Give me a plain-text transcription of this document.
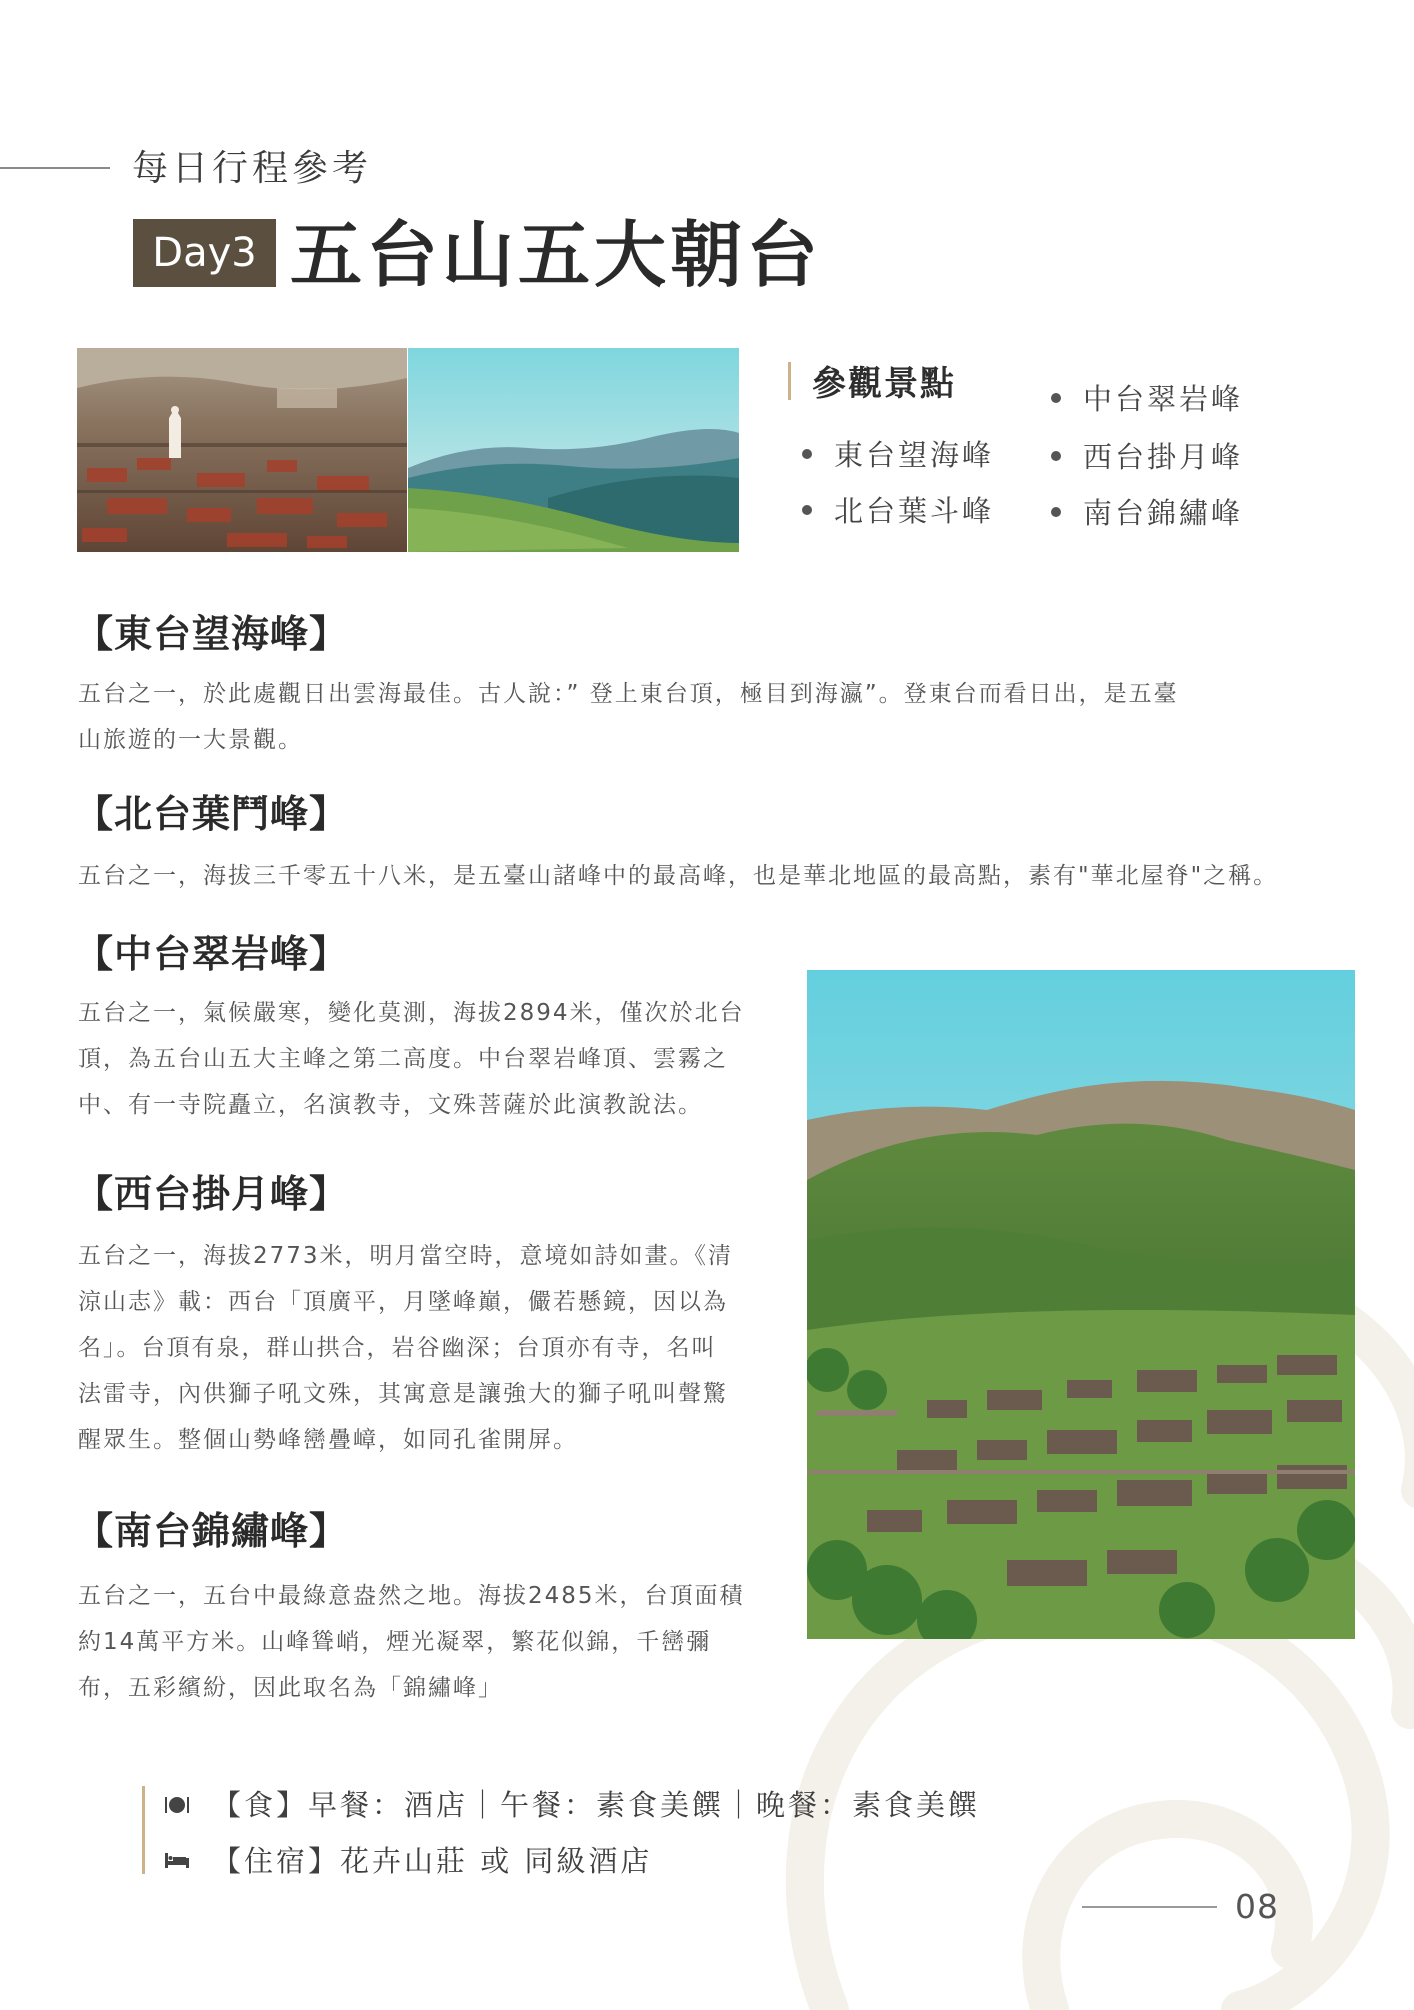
每日行程參考
Day3 五台山五大朝台
參觀景點
東台望海峰
北台葉斗峰
中台翠岩峰
西台掛月峰
南台錦繡峰
【東台望海峰】
五台之一，於此處觀日出雲海最佳。古人說：” 登上東台頂，極目到海瀛”。登東台而看日出，是五臺
山旅遊的一大景觀。
【北台葉鬥峰】
五台之一，海拔三千零五十八米，是五臺山諸峰中的最高峰，也是華北地區的最高點，素有"華北屋脊"之稱。
【中台翠岩峰】
五台之一，氣候嚴寒，變化莫測，海拔2894米，僅次於北台
頂，為五台山五大主峰之第二高度。中台翠岩峰頂、雲霧之
中、有一寺院矗立，名演教寺，文殊菩薩於此演教說法。
【西台掛月峰】
五台之一，海拔2773米，明月當空時，意境如詩如畫。《清
涼山志》載：西台「頂廣平，月墜峰巔，儼若懸鏡，因以為
名」。台頂有泉，群山拱合，岩谷幽深；台頂亦有寺，名叫
法雷寺，內供獅子吼文殊，其寓意是讓強大的獅子吼叫聲驚
醒眾生。整個山勢峰巒疊嶂，如同孔雀開屏。
【南台錦繡峰】
五台之一，五台中最綠意盎然之地。海拔2485米，台頂面積
約14萬平方米。山峰聳峭，煙光凝翠，繁花似錦，千巒彌
布，五彩繽紛，因此取名為「錦繡峰」
【食】早餐：酒店｜午餐：素食美饌｜晚餐：素食美饌
【住宿】花卉山莊 或 同級酒店
08
